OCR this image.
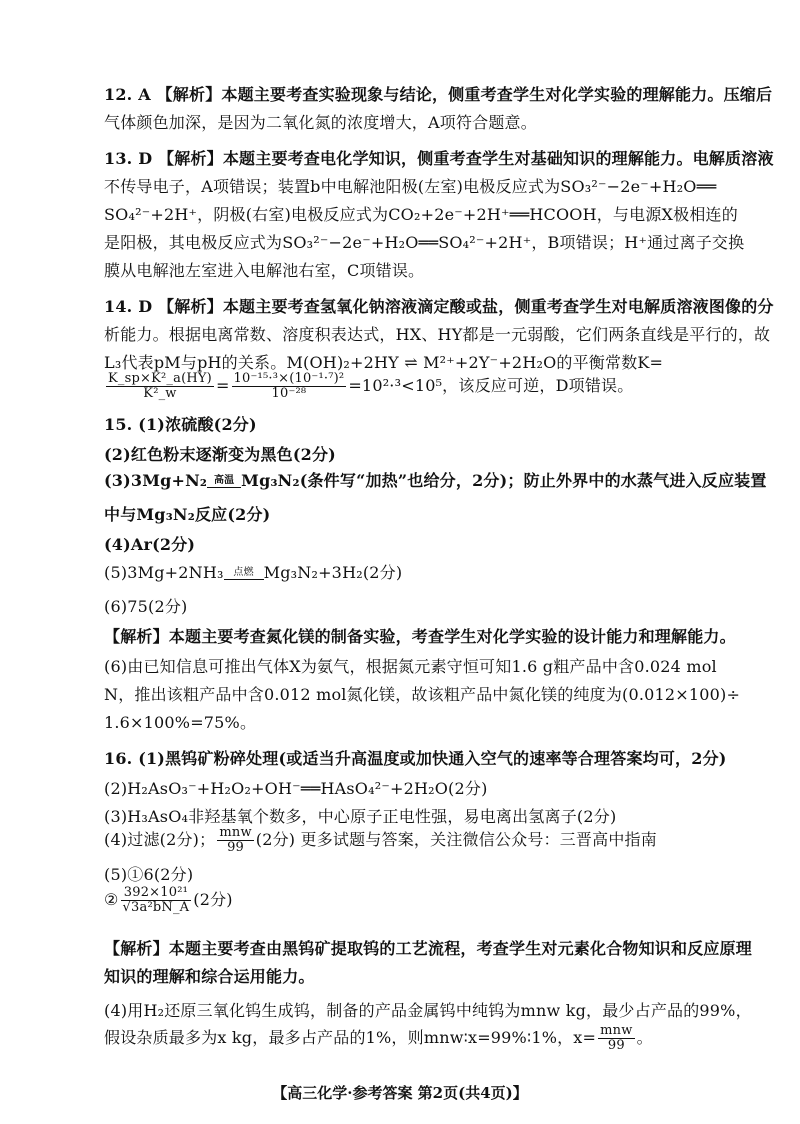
12. A 【解析】本题主要考查实验现象与结论，侧重考查学生对化学实验的理解能力。压缩后
气体颜色加深，是因为二氧化氮的浓度增大，A项符合题意。
13. D 【解析】本题主要考查电化学知识，侧重考查学生对基础知识的理解能力。电解质溶液
不传导电子，A项错误；装置b中电解池阳极(左室)电极反应式为SO₃²⁻−2e⁻+H₂O══
SO₄²⁻+2H⁺，阴极(右室)电极反应式为CO₂+2e⁻+2H⁺══HCOOH，与电源X极相连的
是阳极，其电极反应式为SO₃²⁻−2e⁻+H₂O══SO₄²⁻+2H⁺，B项错误；H⁺通过离子交换
膜从电解池左室进入电解池右室，C项错误。
14. D 【解析】本题主要考查氢氧化钠溶液滴定酸或盐，侧重考查学生对电解质溶液图像的分
析能力。根据电离常数、溶度积表达式，HX、HY都是一元弱酸，它们两条直线是平行的，故
L₃代表pM与pH的关系。M(OH)₂+2HY ⇌ M²⁺+2Y⁻+2H₂O的平衡常数K=
15. (1)浓硫酸(2分)
(2)红色粉末逐渐变为黑色(2分)
中与Mg₃N₂反应(2分)
(4)Ar(2分)
(6)75(2分)
【解析】本题主要考查氮化镁的制备实验，考查学生对化学实验的设计能力和理解能力。
(6)由已知信息可推出气体X为氨气，根据氮元素守恒可知1.6 g粗产品中含0.024 mol
N，推出该粗产品中含0.012 mol氮化镁，故该粗产品中氮化镁的纯度为(0.012×100)÷
1.6×100%=75%。
16. (1)黑钨矿粉碎处理(或适当升高温度或加快通入空气的速率等合理答案均可，2分)
(2)H₂AsO₃⁻+H₂O₂+OH⁻══HAsO₄²⁻+2H₂O(2分)
(3)H₃AsO₄非羟基氧个数多，中心原子正电性强，易电离出氢离子(2分)
(5)①6(2分)
【解析】本题主要考查由黑钨矿提取钨的工艺流程，考查学生对元素化合物知识和反应原理
知识的理解和综合运用能力。
(4)用H₂还原三氧化钨生成钨，制备的产品金属钨中纯钨为mnw kg，最少占产品的99%，
$\frac{\text{K\_sp×K²\_a(HY)}}{\text{K²\_w}} = \frac{\text{10⁻¹⁵·³×(10⁻¹·⁷)²}}{\text{10⁻²⁸}} =10^2\cdot^3<10^5$，该反应可逆，D项错误。
(3)3Mg+N₂ 高温 Mg₃N₂(条件写“加热”也给分，2分)；防止外界中的水蒸气进入反应装置
(5)3Mg+2NH₃ 点燃 Mg₃N₂+3H₂(2分)
(4)过滤(2分)； $\frac{\text{mnw}}{99} (2$分) 更多试题与答案，关注微信公众号：三晋高中指南
② $\frac{\text{392×10²¹}}{\text{√3a²bN\_A}} (2$分)
假设杂质最多为x kg，最多占产品的1%，则mnw∶x=99%∶1%，$x= \frac{\text{mnw}}{99}$ 。
【高三化学·参考答案 第2页(共4页)】
